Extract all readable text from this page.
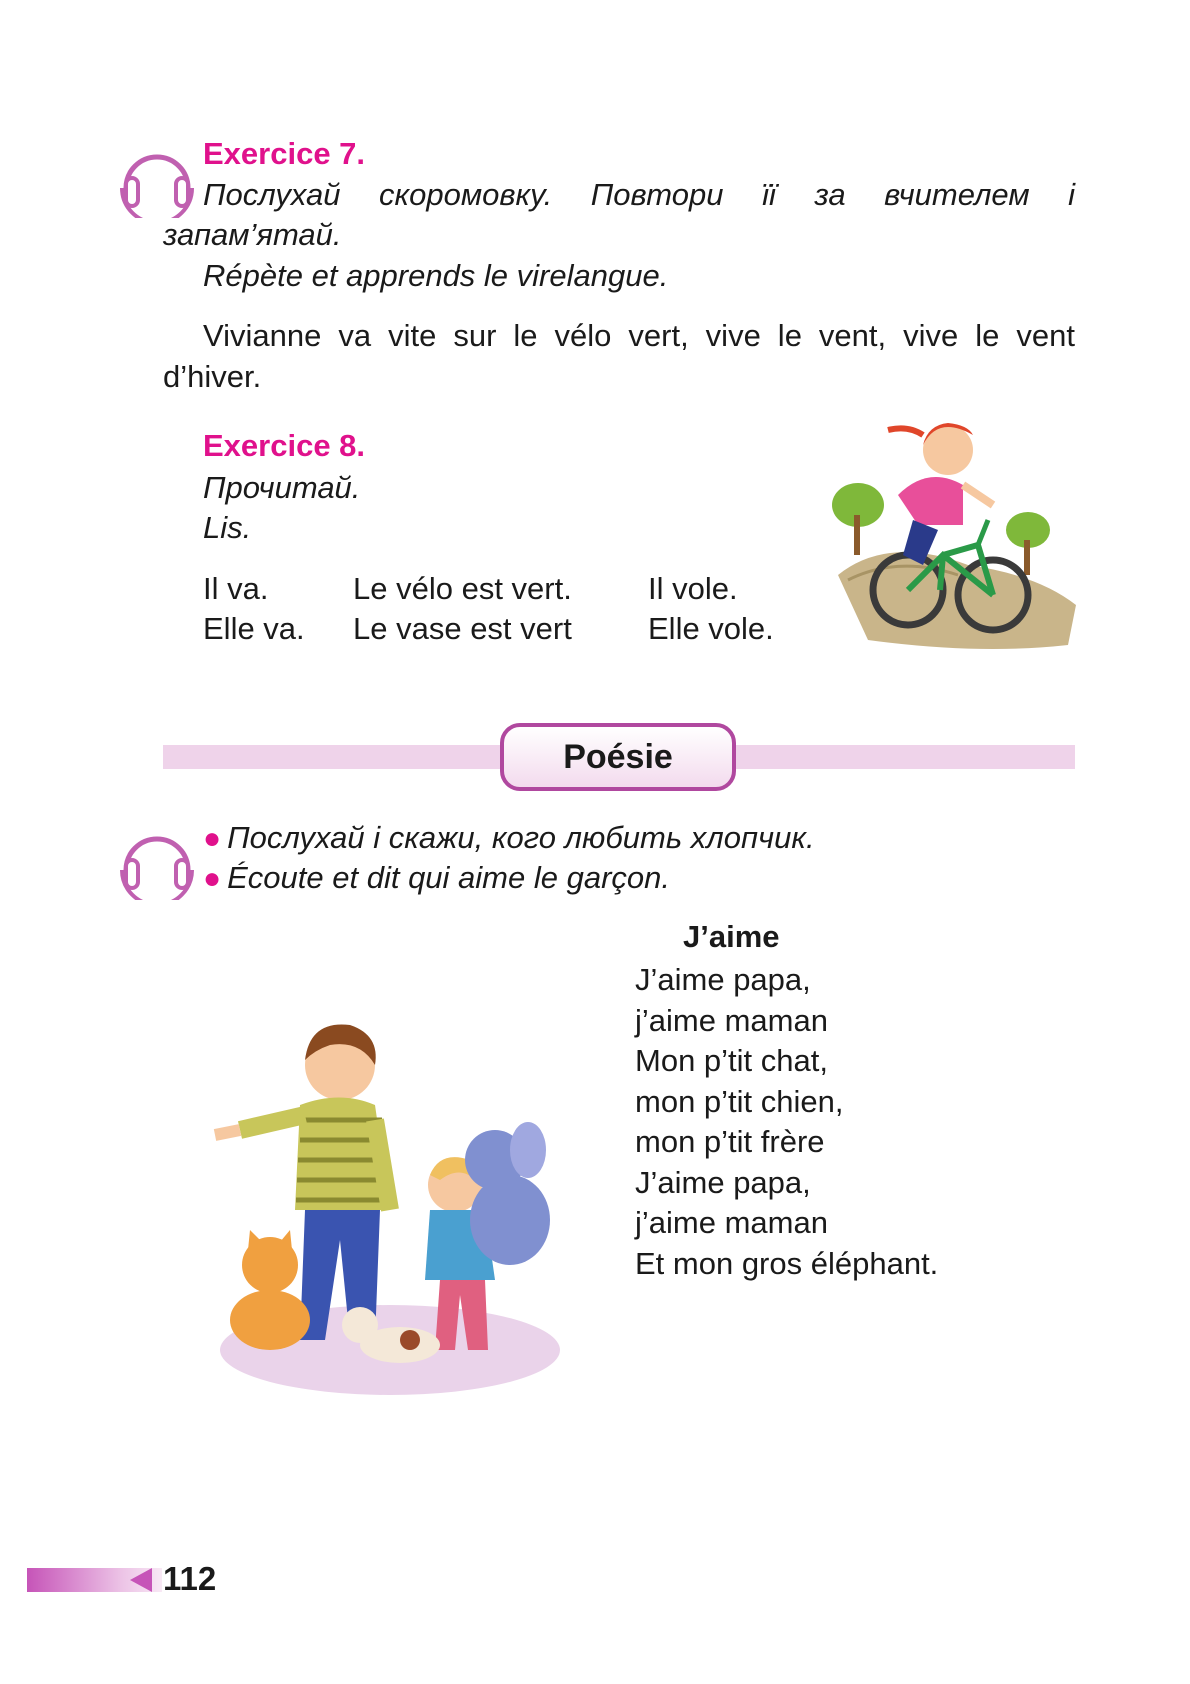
Exercice 7.
Послухай скоромовку. Повтори її за вчителем і
запам’ятай.
Répète et apprends le virelangue.
Vivianne va vite sur le vélo vert, vive le vent, vive le vent
d’hiver.
Exercice 8.
Прочитай.
Lis.
Il va.
Elle va.
Le vélo est vert.
Le vase est vert
Il vole.
Elle vole.
Poésie
● Послухай і скажи, кого любить хлопчик.
● Écoute et dit qui aime le garçon.
J’aime
J’aime papa,
j’aime maman
Mon p’tit chat,
mon p’tit chien,
mon p’tit frère
J’aime papa,
j’aime maman
Et mon gros éléphant.
112
